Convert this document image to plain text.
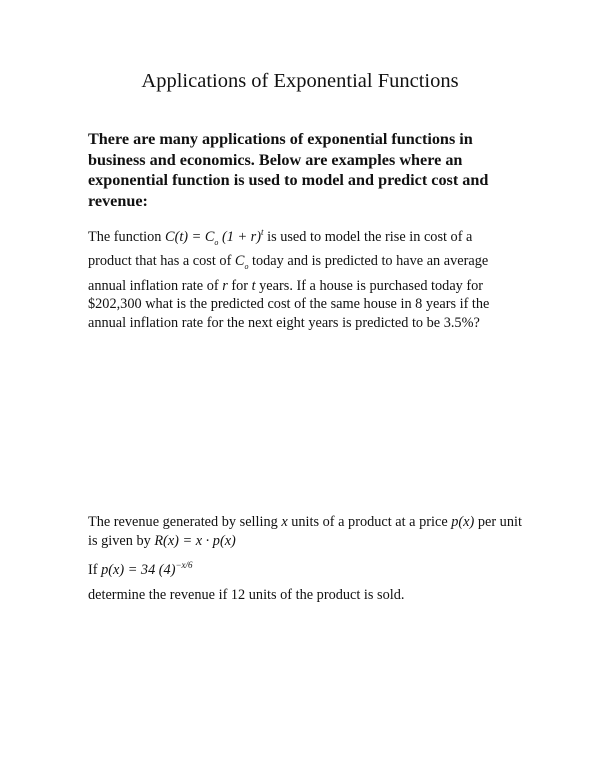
Applications of Exponential Functions
There are many applications of exponential functions in business and economics. Below are examples where an exponential function is used to model and predict cost and revenue:
The function $C(t) = C_o$ $(1 + r)^t$ is used to model the rise in cost of a product that has a cost of $C_o$ today and is predicted to have an average annual inflation rate of r for t years. If a house is purchased today for $202,300 what is the predicted cost of the same house in 8 years if the annual inflation rate for the next eight years is predicted to be 3.5%?
The revenue generated by selling x units of a product at a price p(x) per unit is given by R(x) = x · p(x)
If p(x) = 34 $(4)^{-x/6}$
determine the revenue if 12 units of the product is sold.
